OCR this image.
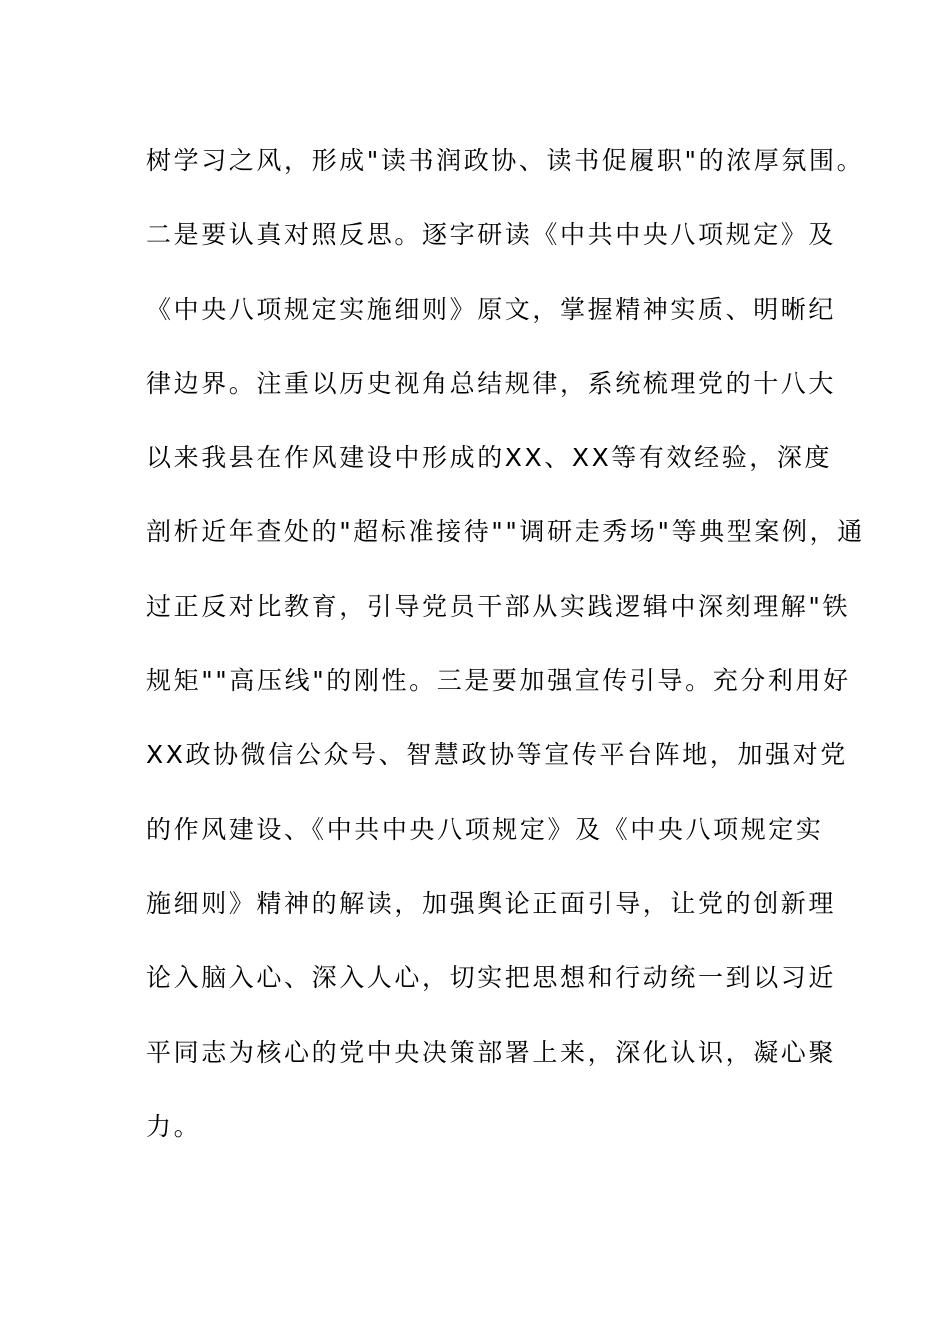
树学习之风，形成"读书润政协、读书促履职"的浓厚氛围。
二是要认真对照反思。逐字研读《中共中央八项规定》及
《中央八项规定实施细则》原文，掌握精神实质、明晰纪
律边界。注重以历史视角总结规律，系统梳理党的十八大
以来我县在作风建设中形成的XX、XX等有效经验，深度
剖析近年查处的"超标准接待""调研走秀场"等典型案例，通
过正反对比教育，引导党员干部从实践逻辑中深刻理解"铁
规矩""高压线"的刚性。三是要加强宣传引导。充分利用好
XX政协微信公众号、智慧政协等宣传平台阵地，加强对党
的作风建设、《中共中央八项规定》及《中央八项规定实
施细则》精神的解读，加强舆论正面引导，让党的创新理
论入脑入心、深入人心，切实把思想和行动统一到以习近
平同志为核心的党中央决策部署上来，深化认识，凝心聚
力。
